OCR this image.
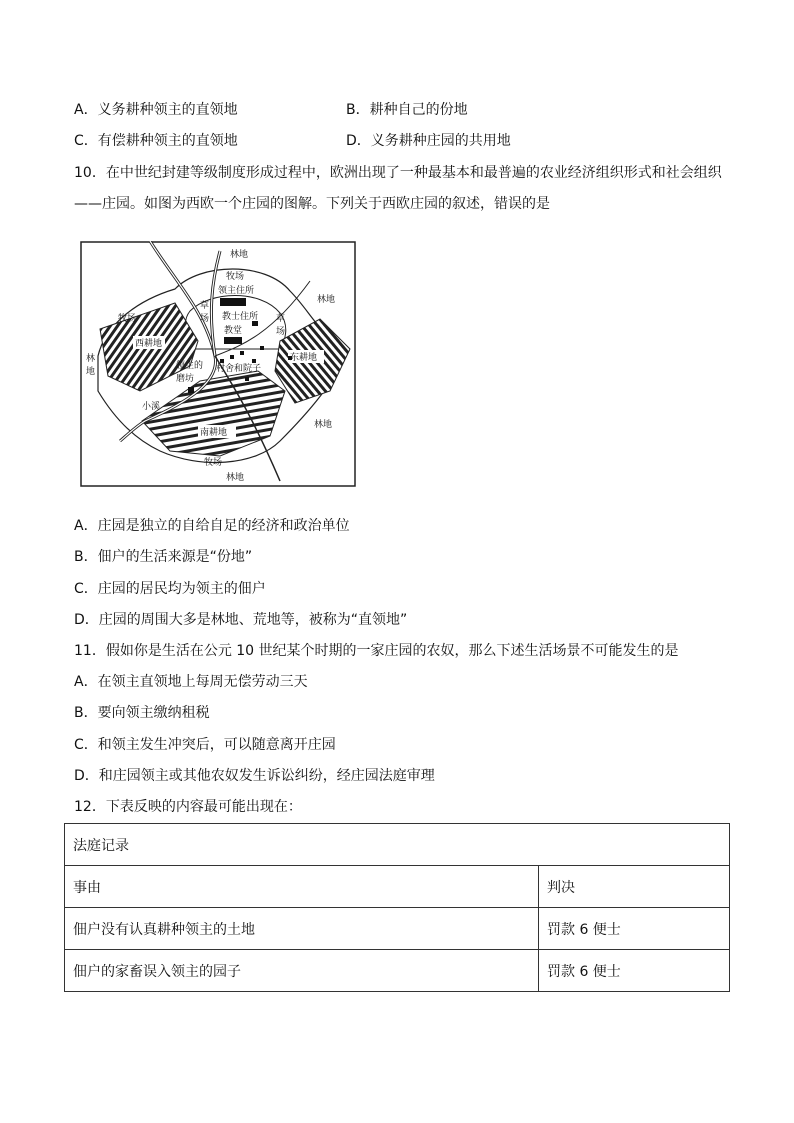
A．义务耕种领主的直领地	B．耕种自己的份地
C．有偿耕种领主的直领地	D．义务耕种庄园的共用地
10．在中世纪封建等级制度形成过程中，欧洲出现了一种最基本和最普遍的农业经济组织形式和社会组织
——庄园。如图为西欧一个庄园的图解。下列关于西欧庄园的叙述，错误的是
林地
牧场
领主住所
草
场 教士住所 草
场
教堂
林地
牧场
西耕地
林
地
领主的
磨坊
村舍和院子
东耕地
小溪
南耕地
林地
牧场
林地
A．庄园是独立的自给自足的经济和政治单位
B．佃户的生活来源是“份地”
C．庄园的居民均为领主的佃户
D．庄园的周围大多是林地、荒地等，被称为“直领地”
11．假如你是生活在公元 10 世纪某个时期的一家庄园的农奴，那么下述生活场景不可能发生的是
A．在领主直领地上每周无偿劳动三天
B．要向领主缴纳租税
C．和领主发生冲突后，可以随意离开庄园
D．和庄园领主或其他农奴发生诉讼纠纷，经庄园法庭审理
12．下表反映的内容最可能出现在：
法庭记录	
事由	判决
佃户没有认真耕种领主的土地	罚款 6 便士
佃户的家畜误入领主的园子	罚款 6 便士
